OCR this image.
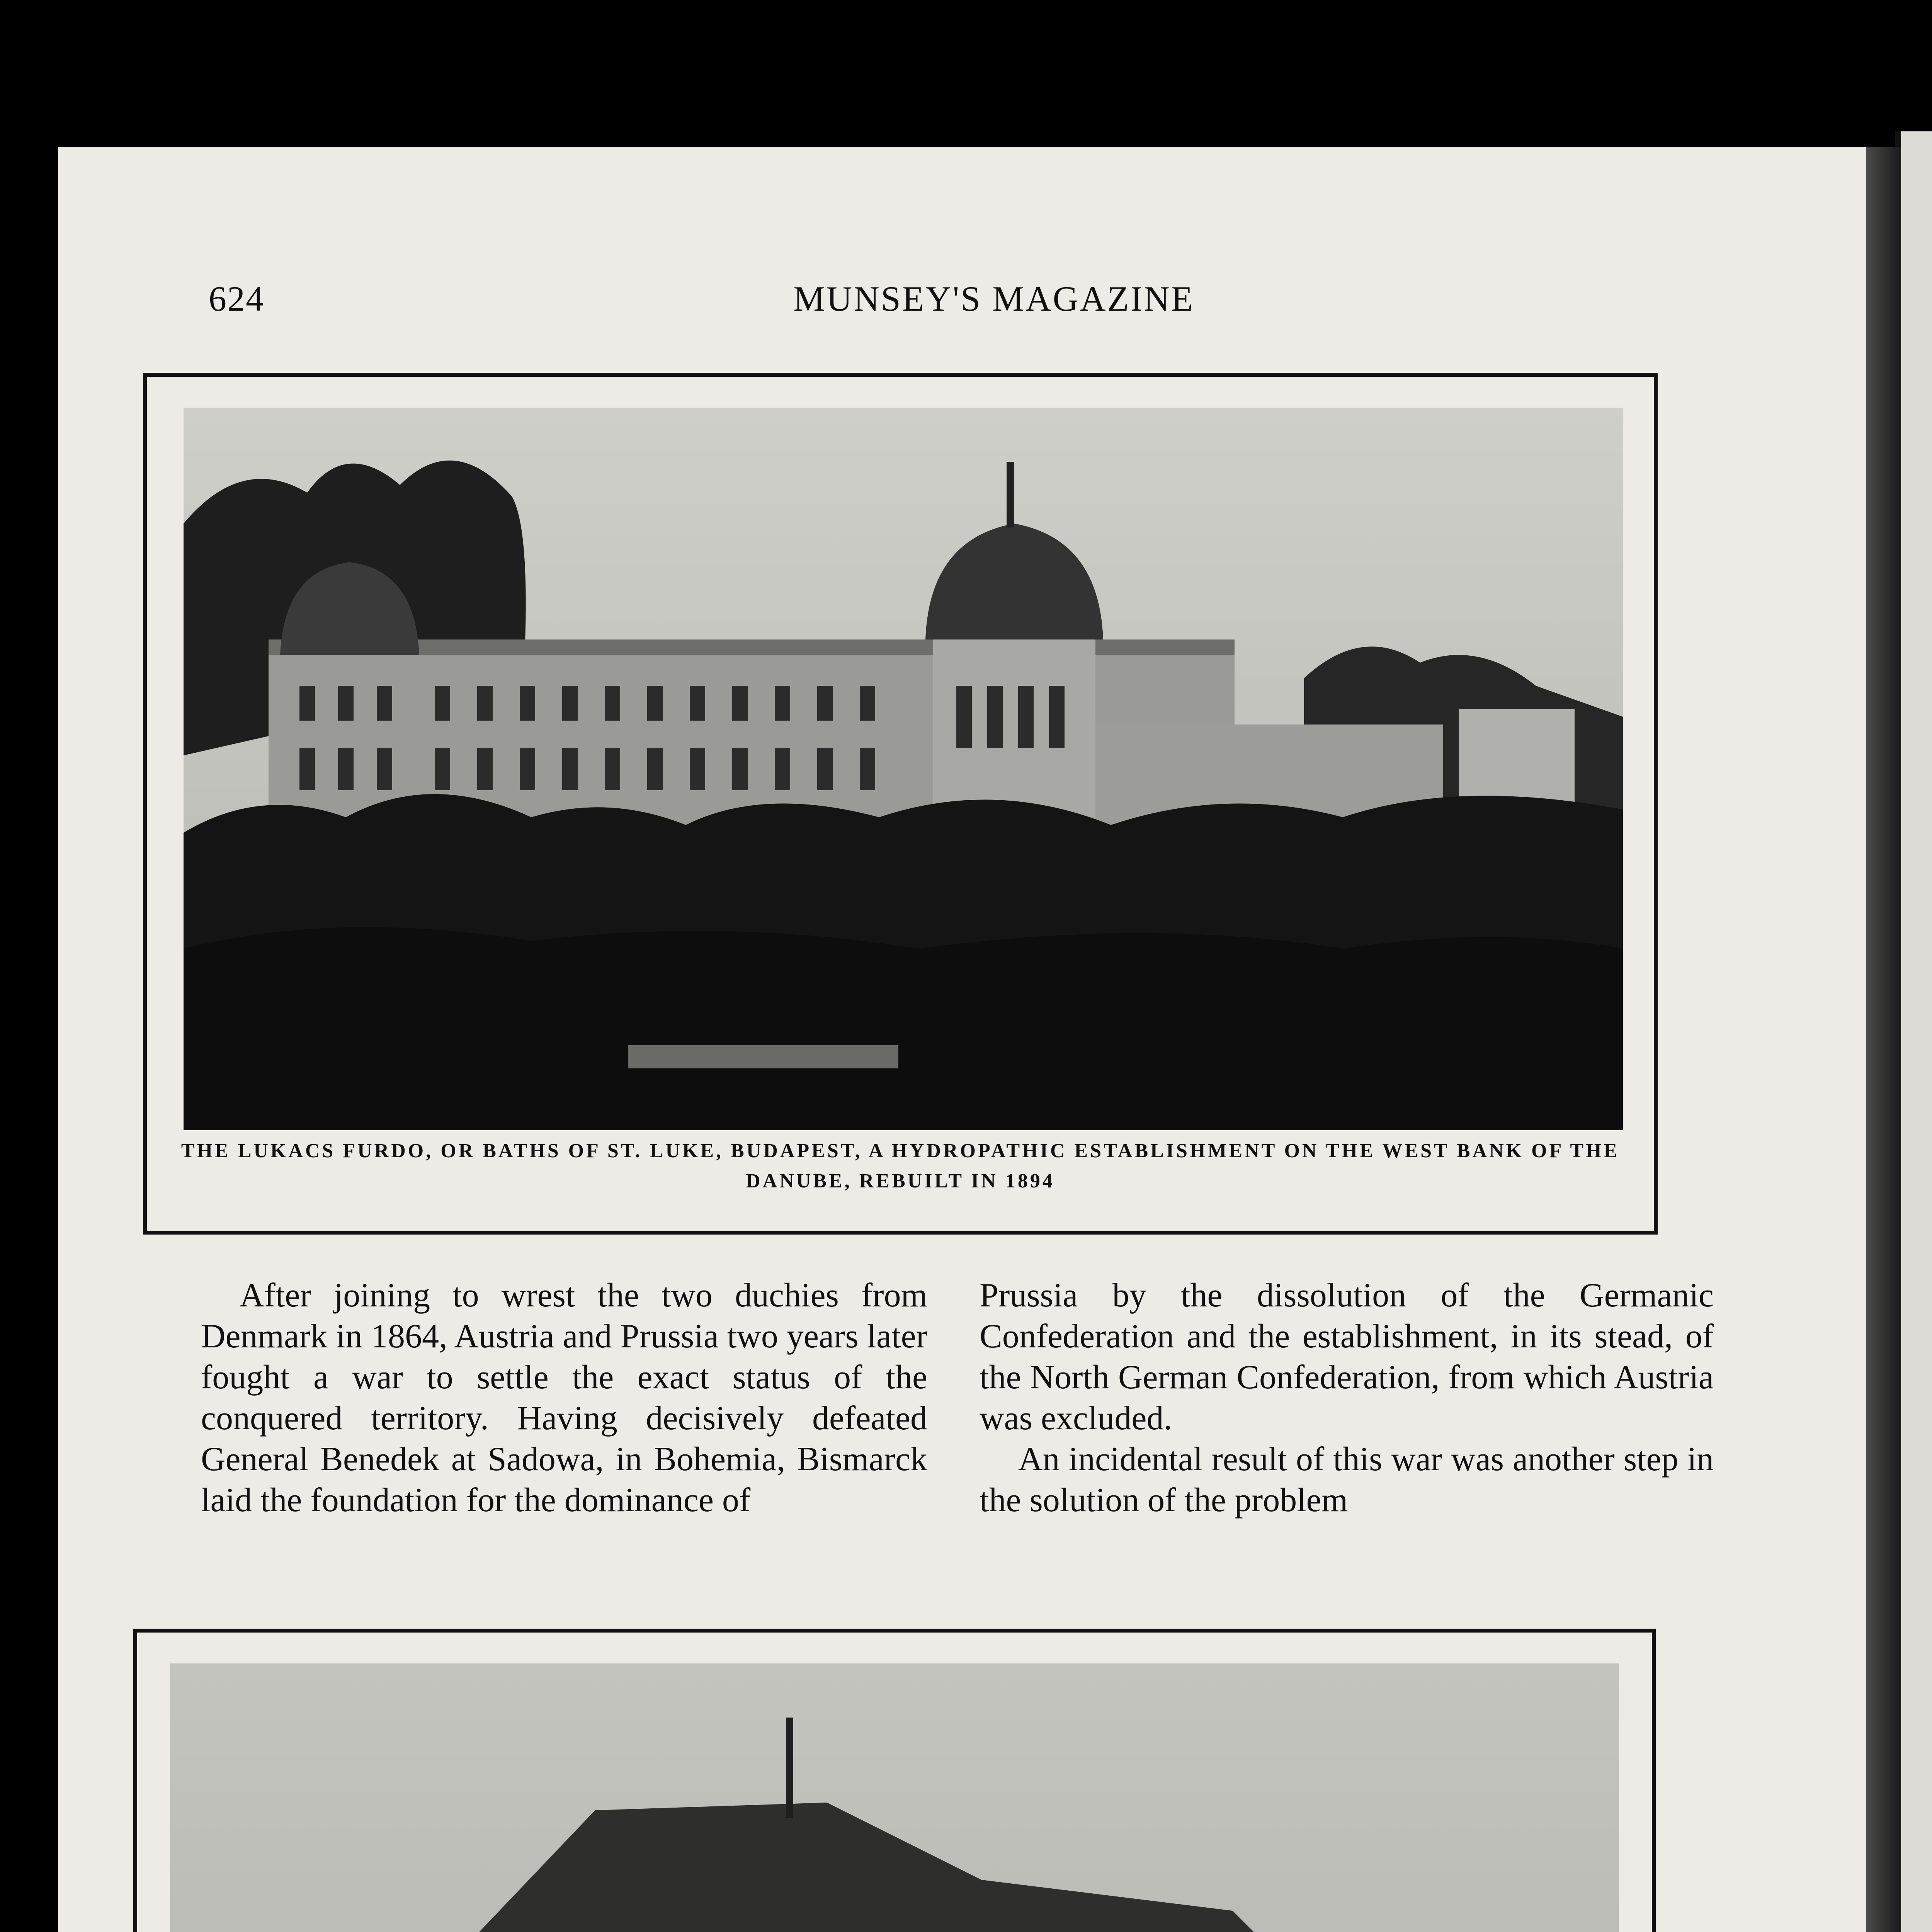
624	MUNSEY'S MAGAZINE
THE LUKACS FURDO, OR BATHS OF ST. LUKE, BUDAPEST, A HYDROPATHIC ESTABLISHMENT ON THE WEST BANK OF THE DANUBE, REBUILT IN 1894

After joining to wrest the two duchies from Denmark in 1864, Austria and Prussia two years later fought a war to settle the exact status of the conquered territory. Having decisively defeated General Benedek at Sadowa, in Bohemia, Bismarck laid the foundation for the dominance of

Prussia by the dissolution of the Germanic Confederation and the establishment, in its stead, of the North German Confederation, from which Austria was excluded.

An incidental result of this war was another step in the solution of the problem
